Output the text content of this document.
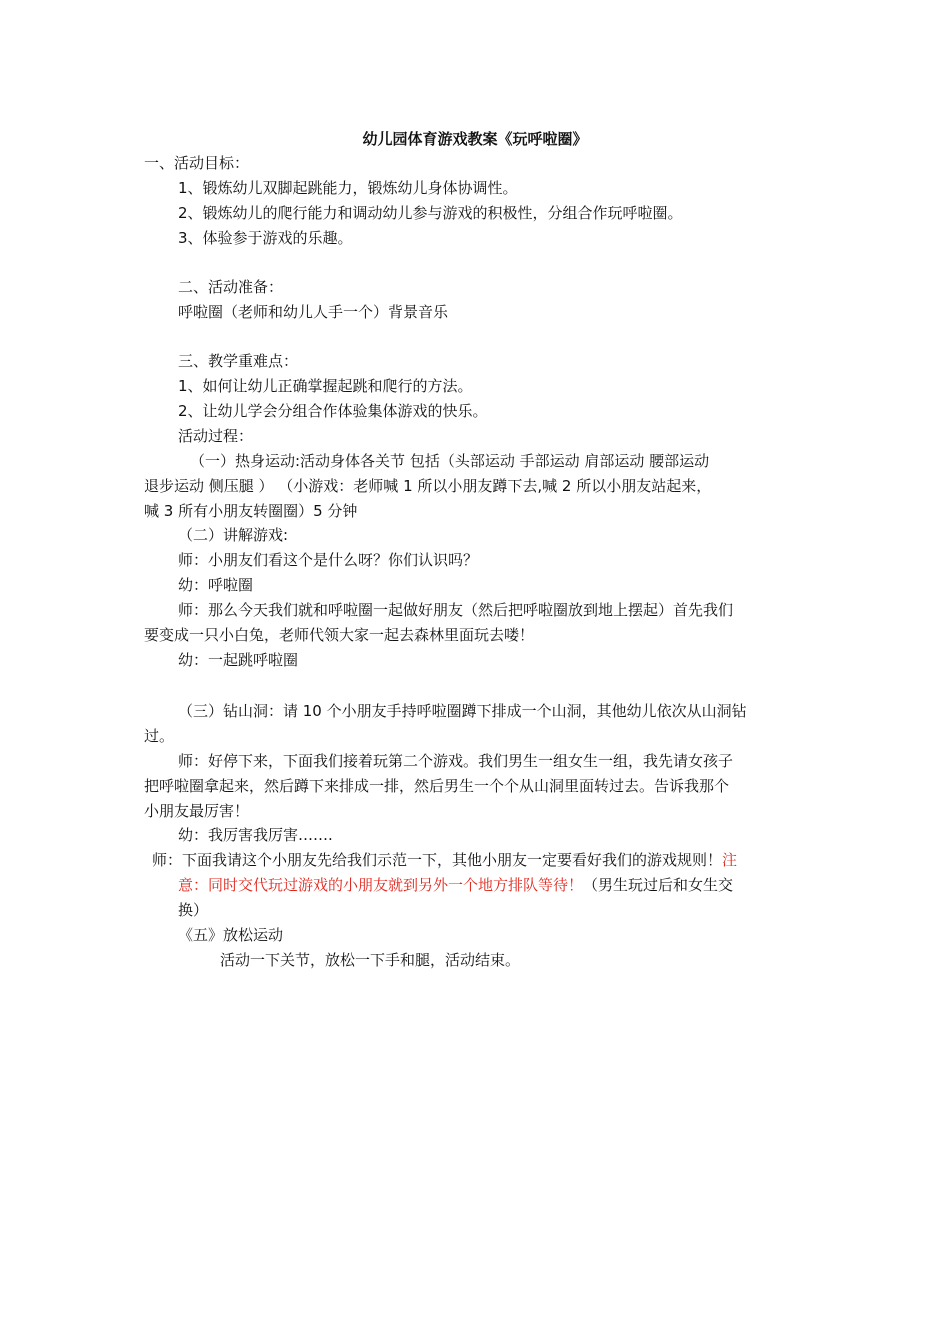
幼儿园体育游戏教案《玩呼啦圈》
一、活动目标：
1、锻炼幼儿双脚起跳能力，锻炼幼儿身体协调性。
2、锻炼幼儿的爬行能力和调动幼儿参与游戏的积极性，分组合作玩呼啦圈。
3、体验参于游戏的乐趣。
二、活动准备：
呼啦圈（老师和幼儿人手一个）背景音乐
三、教学重难点：
1、如何让幼儿正确掌握起跳和爬行的方法。
2、让幼儿学会分组合作体验集体游戏的快乐。
活动过程：
（一）热身运动:活动身体各关节 包括（头部运动 手部运动 肩部运动 腰部运动
退步运动 侧压腿 ） （小游戏：老师喊 1 所以小朋友蹲下去,喊 2 所以小朋友站起来，
喊 3 所有小朋友转圈圈）5 分钟
（二）讲解游戏:
师：小朋友们看这个是什么呀？你们认识吗？
幼：呼啦圈
师：那么今天我们就和呼啦圈一起做好朋友（然后把呼啦圈放到地上摆起）首先我们
要变成一只小白兔，老师代领大家一起去森林里面玩去喽！
幼：一起跳呼啦圈
（三）钻山洞：请 10 个小朋友手持呼啦圈蹲下排成一个山洞，其他幼儿依次从山洞钻
过。
师：好停下来，下面我们接着玩第二个游戏。我们男生一组女生一组，我先请女孩子
把呼啦圈拿起来，然后蹲下来排成一排，然后男生一个个从山洞里面转过去。告诉我那个
小朋友最厉害！
幼：我厉害我厉害…….
师：下面我请这个小朋友先给我们示范一下，其他小朋友一定要看好我们的游戏规则！注
意：同时交代玩过游戏的小朋友就到另外一个地方排队等待！（男生玩过后和女生交
换）
《五》放松运动
活动一下关节，放松一下手和腿，活动结束。
